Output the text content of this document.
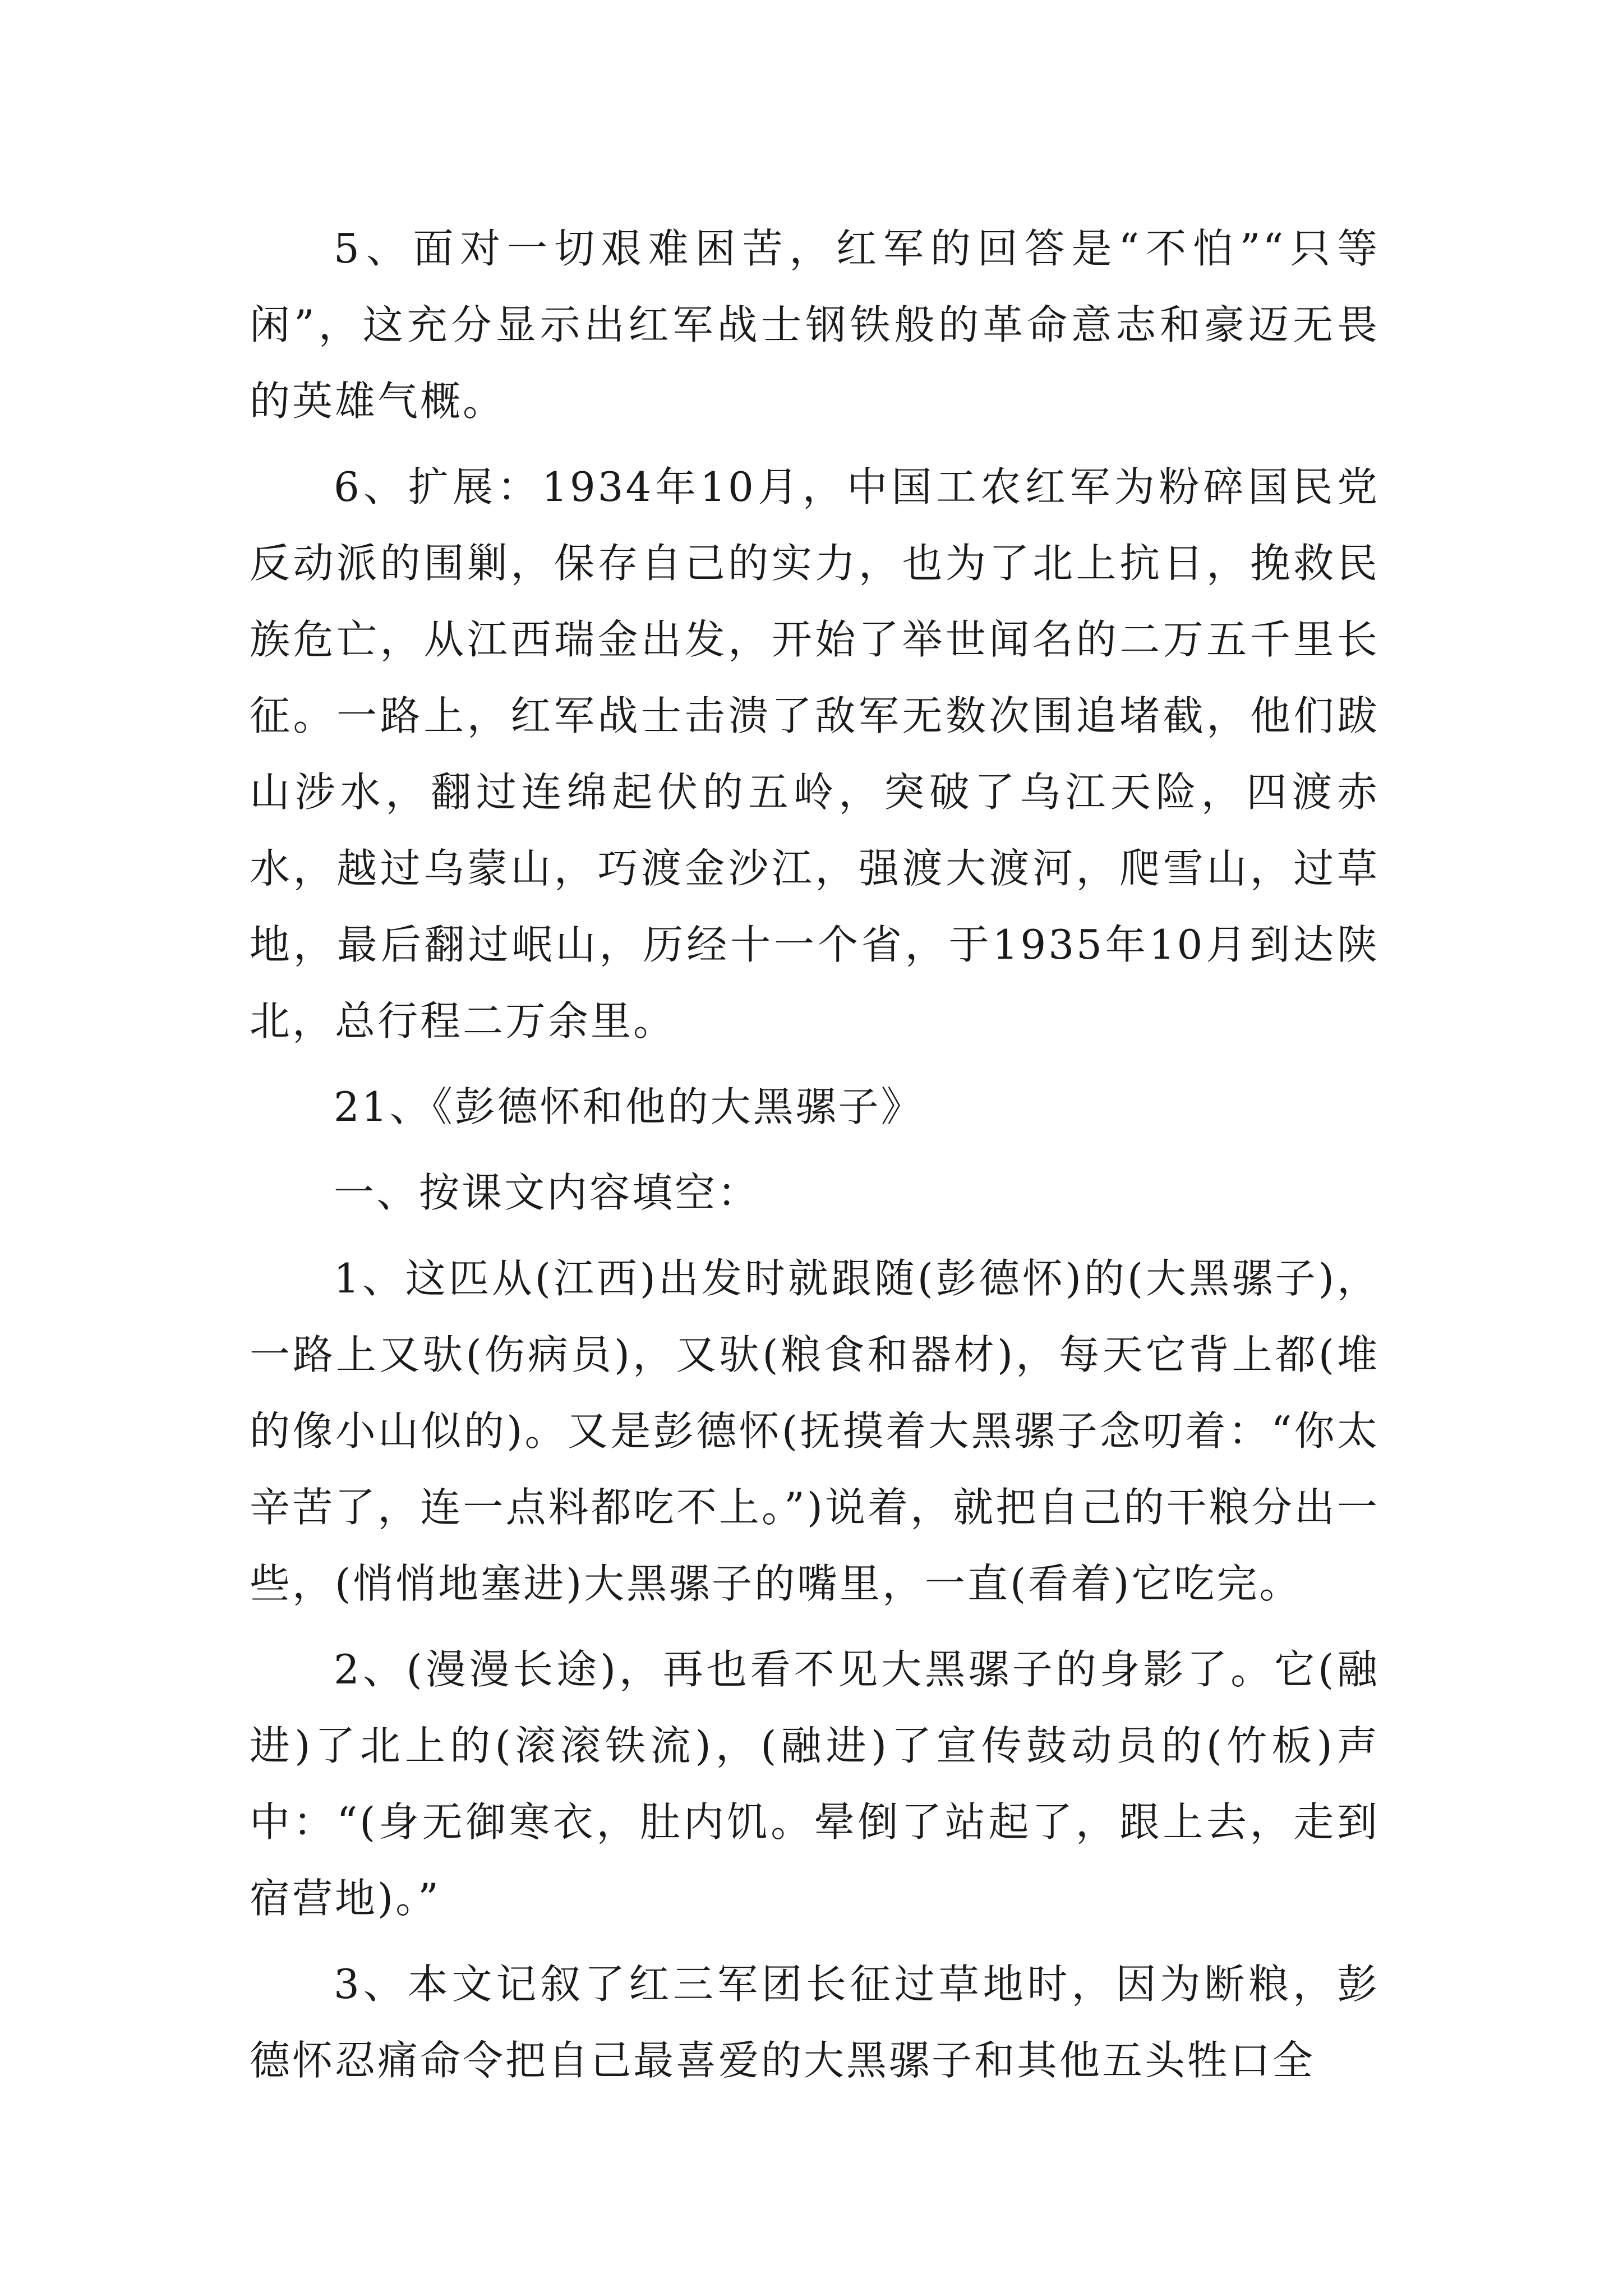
5、面对一切艰难困苦，红军的回答是“不怕”“只等闲”，这充分显示出红军战士钢铁般的革命意志和豪迈无畏的英雄气概。

6、扩展：1934年10月，中国工农红军为粉碎国民党反动派的围剿，保存自己的实力，也为了北上抗日，挽救民族危亡，从江西瑞金出发，开始了举世闻名的二万五千里长征。一路上，红军战士击溃了敌军无数次围追堵截，他们跋山涉水，翻过连绵起伏的五岭，突破了乌江天险，四渡赤水，越过乌蒙山，巧渡金沙江，强渡大渡河，爬雪山，过草地，最后翻过岷山，历经十一个省，于1935年10月到达陕北，总行程二万余里。

21、《彭德怀和他的大黑骡子》

一、按课文内容填空：

1、这匹从(江西)出发时就跟随(彭德怀)的(大黑骡子)，一路上又驮(伤病员)，又驮(粮食和器材)，每天它背上都(堆的像小山似的)。又是彭德怀(抚摸着大黑骡子念叨着：“你太辛苦了，连一点料都吃不上。”)说着，就把自己的干粮分出一些，(悄悄地塞进)大黑骡子的嘴里，一直(看着)它吃完。

2、(漫漫长途)，再也看不见大黑骡子的身影了。它(融进)了北上的(滚滚铁流)，(融进)了宣传鼓动员的(竹板)声中：“(身无御寒衣，肚内饥。晕倒了站起了，跟上去，走到宿营地)。”

3、本文记叙了红三军团长征过草地时，因为断粮，彭德怀忍痛命令把自己最喜爱的大黑骡子和其他五头牲口全
